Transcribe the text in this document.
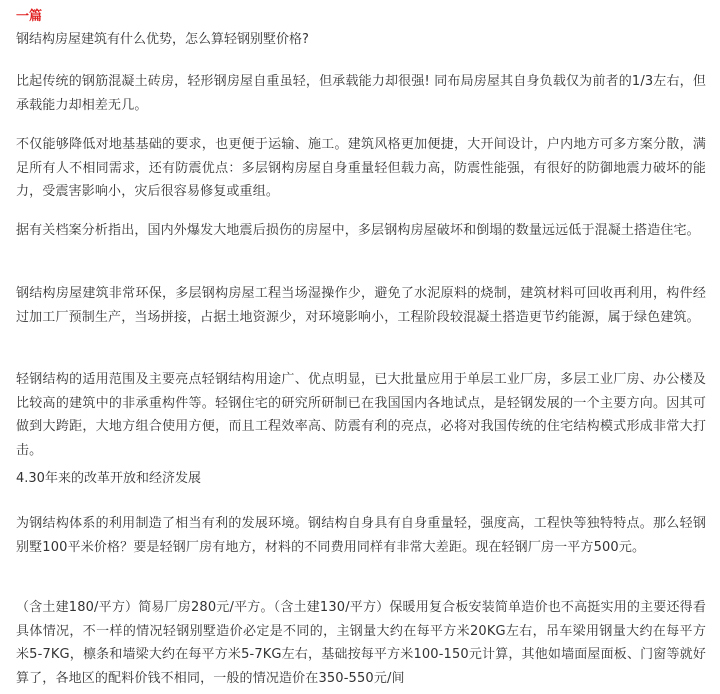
一篇
钢结构房屋建筑有什么优势，怎么算轻钢别墅价格?
比起传统的钢筋混凝土砖房，轻形钢房屋自重虽轻，但承载能力却很强! 同布局房屋其自身负载仅为前者的1/3左右，但承载能力却相差无几。
不仅能够降低对地基基础的要求，也更便于运输、施工。建筑风格更加便捷，大开间设计，户内地方可多方案分散，满足所有人不相同需求，还有防震优点：多层钢构房屋自身重量轻但载力高，防震性能强，有很好的防御地震力破坏的能力，受震害影响小，灾后很容易修复或重组。
据有关档案分析指出，国内外爆发大地震后损伤的房屋中，多层钢构房屋破坏和倒塌的数量远远低于混凝土搭造住宅。
钢结构房屋建筑非常环保，多层钢构房屋工程当场湿操作少，避免了水泥原料的烧制，建筑材料可回收再利用，构件经过加工厂预制生产，当场拼接，占据土地资源少，对环境影响小，工程阶段较混凝土搭造更节约能源，属于绿色建筑。
轻钢结构的适用范围及主要亮点轻钢结构用途广、优点明显，已大批量应用于单层工业厂房，多层工业厂房、办公楼及比较高的建筑中的非承重构件等。轻钢住宅的研究所研制已在我国国内各地试点，是轻钢发展的一个主要方向。因其可做到大跨距，大地方组合使用方便，而且工程效率高、防震有利的亮点，必将对我国传统的住宅结构模式形成非常大打击。
4.30年来的改革开放和经济发展
为钢结构体系的利用制造了相当有利的发展环境。钢结构自身具有自身重量轻，强度高，工程快等独特特点。那么轻钢别墅100平米价格？要是轻钢厂房有地方，材料的不同费用同样有非常大差距。现在轻钢厂房一平方500元。
（含土建180/平方）简易厂房280元/平方。（含土建130/平方）保暖用复合板安装简单造价也不高挺实用的主要还得看具体情况，不一样的情况轻钢别墅造价必定是不同的，主钢量大约在每平方米20KG左右，吊车梁用钢量大约在每平方米5-7KG，檩条和墙梁大约在每平方米5-7KG左右，基础按每平方米100-150元计算，其他如墙面屋面板、门窗等就好算了，各地区的配料价钱不相同，一般的情况造价在350-550元/间
